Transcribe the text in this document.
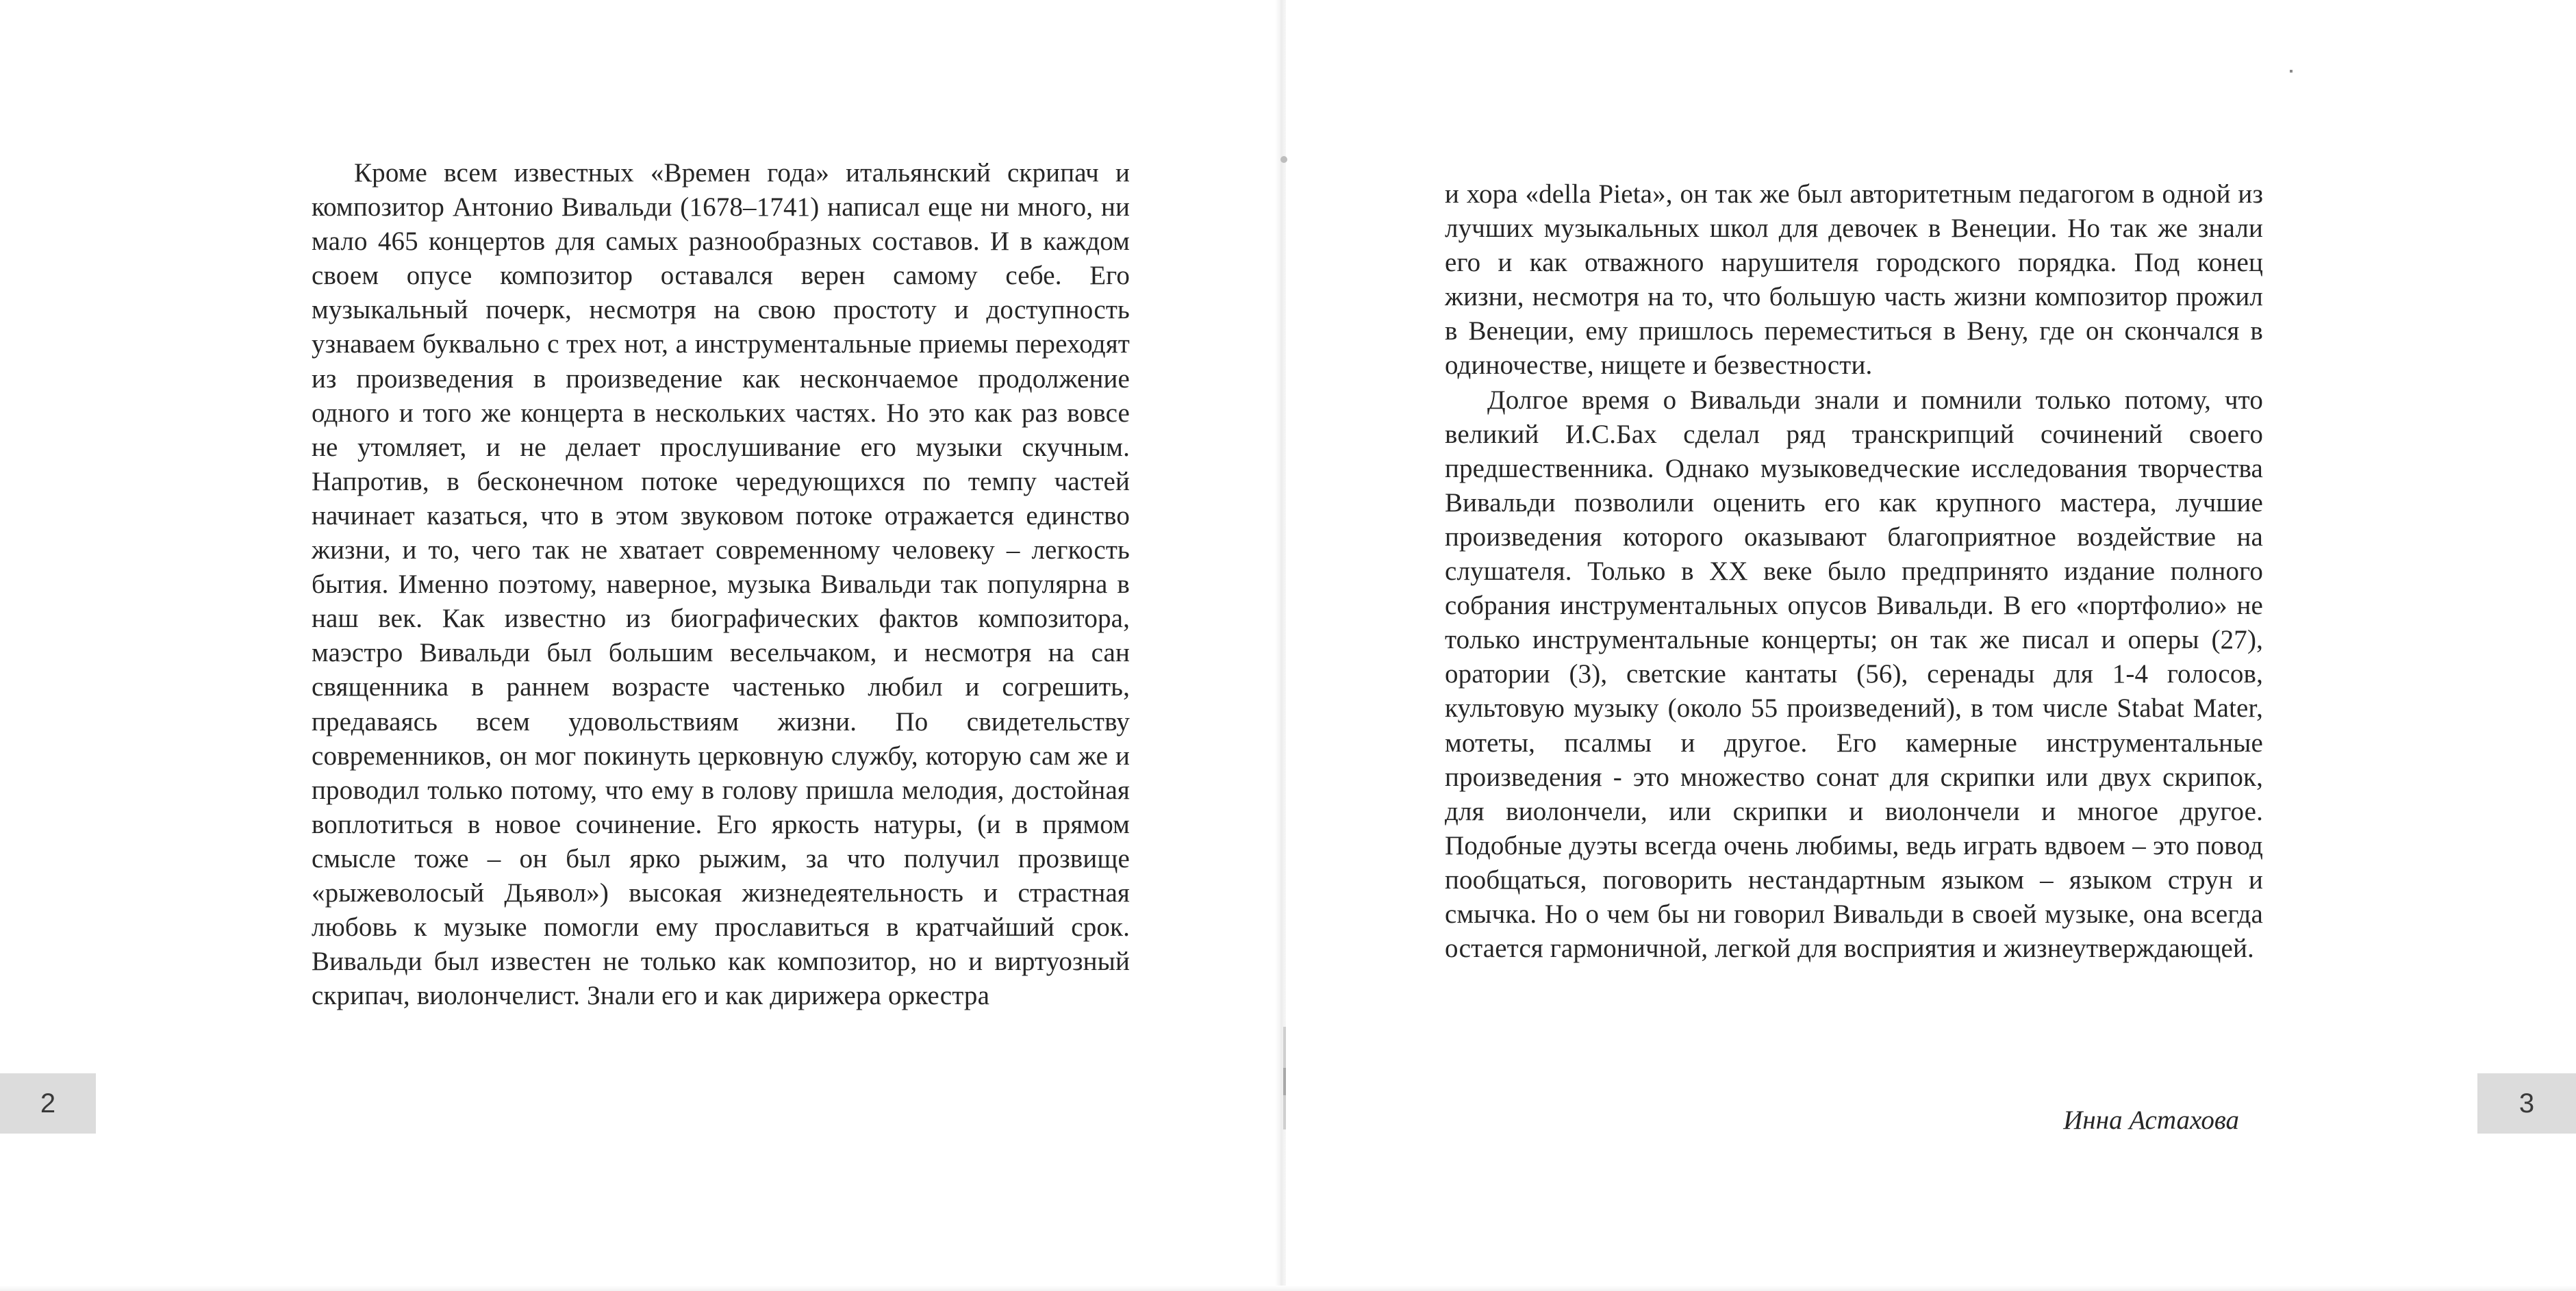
Кроме всем известных «Времен года» итальянский скрипач и композитор Антонио Вивальди (1678–1741) написал еще ни много, ни мало 465 концертов для самых разнообразных составов. И в каждом своем опусе композитор оставался верен самому себе. Его музыкальный почерк, несмотря на свою простоту и доступность узнаваем буквально с трех нот, а инструментальные приемы переходят из произведения в произведение как нескончаемое продолжение одного и того же концерта в нескольких частях. Но это как раз вовсе не утомляет, и не делает прослушивание его музыки скучным. Напротив, в бесконечном потоке чередующихся по темпу частей начинает казаться, что в этом звуковом потоке отражается единство жизни, и то, чего так не хватает современному человеку – легкость бытия. Именно поэтому, наверное, музыка Вивальди так популярна в наш век. Как известно из биографических фактов композитора, маэстро Вивальди был большим весельчаком, и несмотря на сан священника в раннем возрасте частенько любил и согрешить, предаваясь всем удовольствиям жизни. По свидетельству современников, он мог покинуть церковную службу, которую сам же и проводил только потому, что ему в голову пришла мелодия, достойная воплотиться в новое сочинение. Его яркость натуры, (и в прямом смысле тоже – он был ярко рыжим, за что получил прозвище «рыжеволосый Дьявол») высокая жизнедеятельность и страстная любовь к музыке помогли ему прославиться в кратчайший срок. Вивальди был известен не только как композитор, но и виртуозный скрипач, виолончелист. Знали его и как дирижера оркестра

и хора «della Pieta», он так же был авторитетным педагогом в одной из лучших музыкальных школ для девочек в Венеции. Но так же знали его и как отважного нарушителя городского порядка. Под конец жизни, несмотря на то, что большую часть жизни композитор прожил в Венеции, ему пришлось переместиться в Вену, где он скончался в одиночестве, нищете и безвестности.

Долгое время о Вивальди знали и помнили только потому, что великий И.С.Бах сделал ряд транскрипций сочинений своего предшественника. Однако музыковедческие исследования творчества Вивальди позволили оценить его как крупного мастера, лучшие произведения которого оказывают благоприятное воздействие на слушателя. Только в XX веке было предпринято издание полного собрания инструментальных опусов Вивальди. В его «портфолио» не только инструментальные концерты; он так же писал и оперы (27), оратории (3), светские кантаты (56), серенады для 1-4 голосов, культовую музыку (около 55 произведений), в том числе Stabat Mater, мотеты, псалмы и другое. Его камерные инструментальные произведения - это множество сонат для скрипки или двух скрипок, для виолончели, или скрипки и виолончели и многое другое. Подобные дуэты всегда очень любимы, ведь играть вдвоем – это повод пообщаться, поговорить нестандартным языком – языком струн и смычка. Но о чем бы ни говорил Вивальди в своей музыке, она всегда остается гармоничной, легкой для восприятия и жизнеутверждающей.

Инна Астахова
2	3
